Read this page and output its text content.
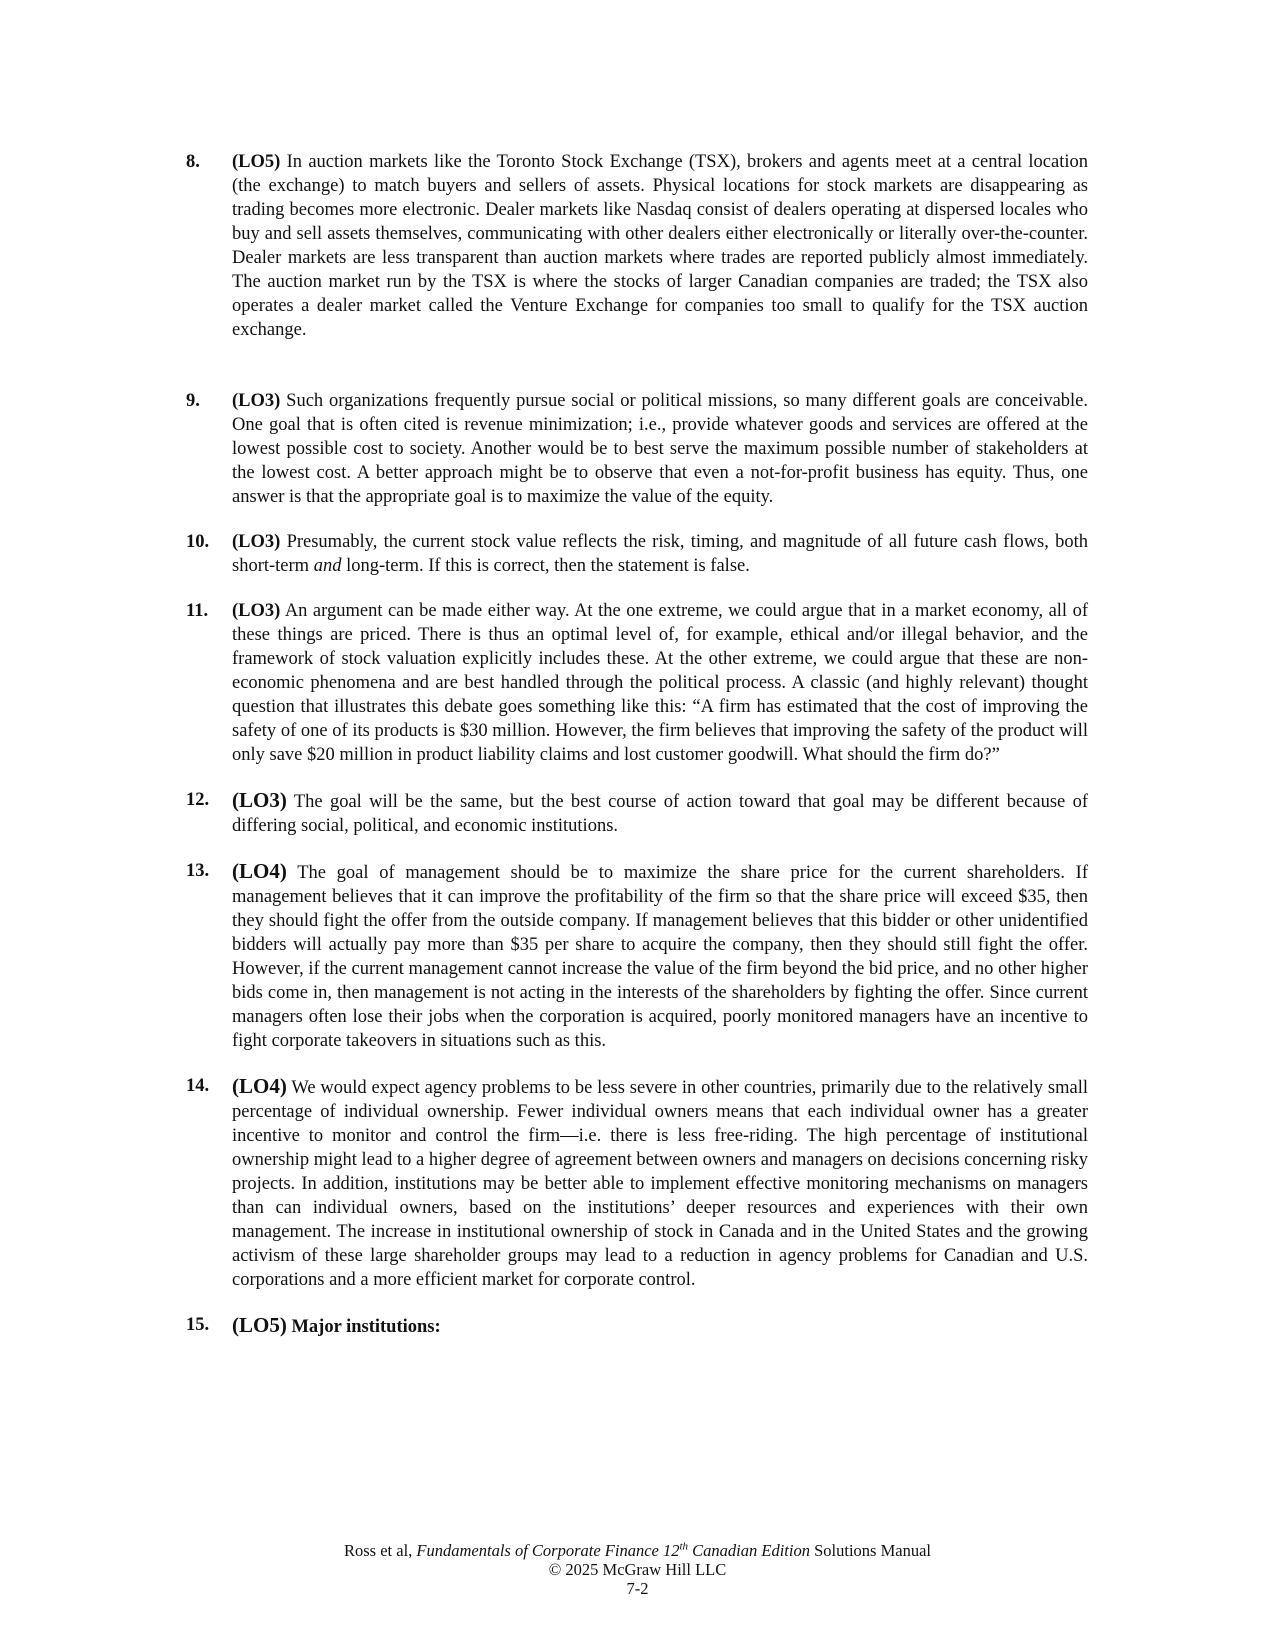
8.	(LO5) In auction markets like the Toronto Stock Exchange (TSX), brokers and agents meet at a central location (the exchange) to match buyers and sellers of assets. Physical locations for stock markets are disappearing as trading becomes more electronic. Dealer markets like Nasdaq consist of dealers operating at dispersed locales who buy and sell assets themselves, communicating with other dealers either electronically or literally over-the-counter. Dealer markets are less transparent than auction markets where trades are reported publicly almost immediately. The auction market run by the TSX is where the stocks of larger Canadian companies are traded; the TSX also operates a dealer market called the Venture Exchange for companies too small to qualify for the TSX auction exchange.
9.	(LO3) Such organizations frequently pursue social or political missions, so many different goals are conceivable. One goal that is often cited is revenue minimization; i.e., provide whatever goods and services are offered at the lowest possible cost to society. Another would be to best serve the maximum possible number of stakeholders at the lowest cost. A better approach might be to observe that even a not-for-profit business has equity. Thus, one answer is that the appropriate goal is to maximize the value of the equity.
10.	(LO3) Presumably, the current stock value reflects the risk, timing, and magnitude of all future cash flows, both short-term and long-term. If this is correct, then the statement is false.
11.	(LO3) An argument can be made either way. At the one extreme, we could argue that in a market economy, all of these things are priced. There is thus an optimal level of, for example, ethical and/or illegal behavior, and the framework of stock valuation explicitly includes these. At the other extreme, we could argue that these are non-economic phenomena and are best handled through the political process. A classic (and highly relevant) thought question that illustrates this debate goes something like this: “A firm has estimated that the cost of improving the safety of one of its products is $30 million. However, the firm believes that improving the safety of the product will only save $20 million in product liability claims and lost customer goodwill. What should the firm do?”
12.	(LO3) The goal will be the same, but the best course of action toward that goal may be different because of differing social, political, and economic institutions.
13.	(LO4) The goal of management should be to maximize the share price for the current shareholders. If management believes that it can improve the profitability of the firm so that the share price will exceed $35, then they should fight the offer from the outside company. If management believes that this bidder or other unidentified bidders will actually pay more than $35 per share to acquire the company, then they should still fight the offer. However, if the current management cannot increase the value of the firm beyond the bid price, and no other higher bids come in, then management is not acting in the interests of the shareholders by fighting the offer. Since current managers often lose their jobs when the corporation is acquired, poorly monitored managers have an incentive to fight corporate takeovers in situations such as this.
14.	(LO4) We would expect agency problems to be less severe in other countries, primarily due to the relatively small percentage of individual ownership. Fewer individual owners means that each individual owner has a greater incentive to monitor and control the firm—i.e. there is less free-riding. The high percentage of institutional ownership might lead to a higher degree of agreement between owners and managers on decisions concerning risky projects. In addition, institutions may be better able to implement effective monitoring mechanisms on managers than can individual owners, based on the institutions’ deeper resources and experiences with their own management. The increase in institutional ownership of stock in Canada and in the United States and the growing activism of these large shareholder groups may lead to a reduction in agency problems for Canadian and U.S. corporations and a more efficient market for corporate control.
15.	(LO5) Major institutions:
Ross et al, Fundamentals of Corporate Finance 12th Canadian Edition Solutions Manual
© 2025 McGraw Hill LLC
7-2
